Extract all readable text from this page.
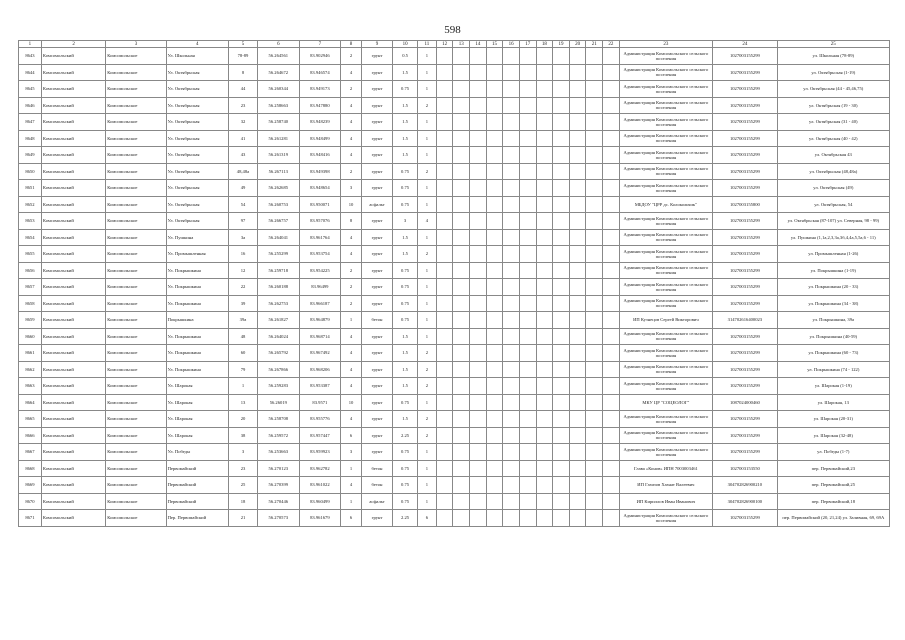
598
1	2	3	4	5	6	7	8	9	10	11	12	13	14	15	16	17	18	19	20	21	22	23	24	25
8643	Комсомольский	Комсомольское	Ул. Школьная	78-89	56.264561	83.902946	2	грунт	0.5	1												Администрация Комсомольского сельского поселения	1027003155299	ул. Школьная (78-89)
8644	Комсомольский	Комсомольское	Ул. Октябрьская	8	56.264672	83.946574	4	грунт	1.5	1												Администрация Комсомольского сельского поселения	1027003155299	ул. Октябрьская (1-19)
8645	Комсомольский	Комсомольское	Ул. Октябрьская	44	56.260344	83.949173	2	грунт	0.75	1												Администрация Комсомольского сельского поселения	1027003155299	ул. Октябрьская (44 - 45,46,75)
8646	Комсомольский	Комсомольское	Ул. Октябрьская	23	56.258663	83.947880	4	грунт	1.5	2												Администрация Комсомольского сельского поселения	1027003155299	ул. Октябрьская (19 - 30)
8647	Комсомольский	Комсомольское	Ул. Октябрьская	32	56.258740	83.948239	4	грунт	1.5	1												Администрация Комсомольского сельского поселения	1027003155299	ул. Октябрьская (31 - 40)
8648	Комсомольский	Комсомольское	Ул. Октябрьская	41	56.261281	83.948499	4	грунт	1.5	1												Администрация Комсомольского сельского поселения	1027003155299	ул. Октябрьская (40 - 42)
8649	Комсомольский	Комсомольское	Ул. Октябрьская	43	56.261319	83.948416	4	грунт	1.5	1												Администрация Комсомольского сельского поселения	1027003155299	ул. Октябрьская 43
8650	Комсомольский	Комсомольское	Ул. Октябрьская	48,48а	56.267113	83.949398	2	грунт	0.75	2												Администрация Комсомольского сельского поселения	1027003155299	ул. Октябрьская (48,48а)
8651	Комсомольский	Комсомольское	Ул. Октябрьская	49	56.262685	83.948654	3	грунт	0.75	1												Администрация Комсомольского сельского поселения	1027003155299	ул. Октябрьская (49)
8652	Комсомольский	Комсомольское	Ул. Октябрьская	54	56.260753	83.950071	10	асфальт	0.75	1												МБДОУ "ЦРР дс. Колокольчик"	1027003155800	ул. Октябрьская, 54
8653	Комсомольский	Комсомольское	Ул. Октябрьская	97	56.266757	83.957076	8	грунт	3	4												Администрация Комсомольского сельского поселения	1027003155299	ул. Октябрьская (87-107) ул. Северная, 98 - 99)
8654	Комсомольский	Комсомольское	Ул. Пушкина	3а	56.264041	83.961764	4	грунт	1.5	1												Администрация Комсомольского сельского поселения	1027003155299	ул. Пушкина (1,1а,2,3,3а,3б,4,4а,5,5а,6 - 11)
8655	Комсомольский	Комсомольское	Ул. Промышленная	16	56.255299	83.953754	4	грунт	1.5	2												Администрация Комсомольского сельского поселения	1027003155299	ул. Промышленная (1-26)
8656	Комсомольский	Комсомольское	Ул. Покрышкина	12	56.259718	83.954225	2	грунт	0.75	1												Администрация Комсомольского сельского поселения	1027003155299	ул. Покрышкина (1-19)
8657	Комсомольский	Комсомольское	Ул. Покрышкина	22	56.260188	83.96499	2	грунт	0.75	1												Администрация Комсомольского сельского поселения	1027003155299	ул. Покрышкина (20 - 33)
8658	Комсомольский	Комсомольское	Ул. Покрышкина	39	56.262753	83.966187	2	грунт	0.75	1												Администрация Комсомольского сельского поселения	1027003155299	ул. Покрышкина (34 - 38)
8659	Комсомольский	Комсомольское	Покрышкина	39а	56.261827	83.964879	1	бетон	0.75	1												ИП Кузнецов Сергей Викторович	314702616400023	ул. Покрышкина, 39а
8660	Комсомольский	Комсомольское	Ул. Покрышкина	48	56.264024	83.968714	4	грунт	1.5	1												Администрация Комсомольского сельского поселения	1027003155299	ул. Покрышкина (40-59)
8661	Комсомольский	Комсомольское	Ул. Покрышкина	60	56.265792	83.967492	4	грунт	1.5	2												Администрация Комсомольского сельского поселения	1027003155299	ул. Покрышкина (60 - 73)
8662	Комсомольский	Комсомольское	Ул. Покрышкина	79	56.267866	83.968206	4	грунт	1.5	2												Администрация Комсомольского сельского поселения	1027003155299	ул. Покрышкина (74 - 122)
8663	Комсомольский	Комсомольское	Ул. Шарокая	1	56.259283	83.953387	4	грунт	1.5	2												Администрация Комсомольского сельского поселения	1027003155299	ул. Шарокая (1-19)
8664	Комсомольский	Комсомольское	Ул. Шарокая	13	56.26019	83.9571	10	грунт	0.75	1												МКУ ЦР "СОЦЕОЛОГ"	1087024000460	ул. Шарокая, 13
8665	Комсомольский	Комсомольское	Ул. Шарокая	20	56.258708	83.955776	4	грунт	1.5	2												Администрация Комсомольского сельского поселения	1027003155299	ул. Шарокая (20-31)
8666	Комсомольский	Комсомольское	Ул. Шарокая	38	56.259572	83.957447	6	грунт	2.25	2												Администрация Комсомольского сельского поселения	1027003155299	ул. Шарокая (32-48)
8667	Комсомольский	Комсомольское	Ул. Победы	3	56.253663	83.959923	3	грунт	0.75	1												Администрация Комсомольского сельского поселения	1027003155299	ул. Победы (1-7)
8668	Комсомольский	Комсомольское	Первомайский	23	56.270123	83.962782	1	бетон	0.75	1												Глава «Конов» ИПН 7003003461	1027003153550	пер. Первомайский,23
8669	Комсомольский	Комсомольское	Первомайский	25	56.270399	83.961022	4	бетон	0.75	1												ИП Газизов Хазнат Валеевич	304702826900210	пер. Первомайский,25
8670	Комсомольский	Комсомольское	Первомайский	18	56.270446	83.960499	1	асфальт	0.75	1												ИП Кириллов Иван Иванович	304702826900100	пер. Первомайский,18
8671	Комсомольский	Комсомольское	Пер. Первомайский	21	56.270573	83.961679	6	грунт	2.25	6												Администрация Комсомольского сельского поселения	1027003155299	пер. Первомайский (20, 21,24) ул. Заливная, 69, 69А
